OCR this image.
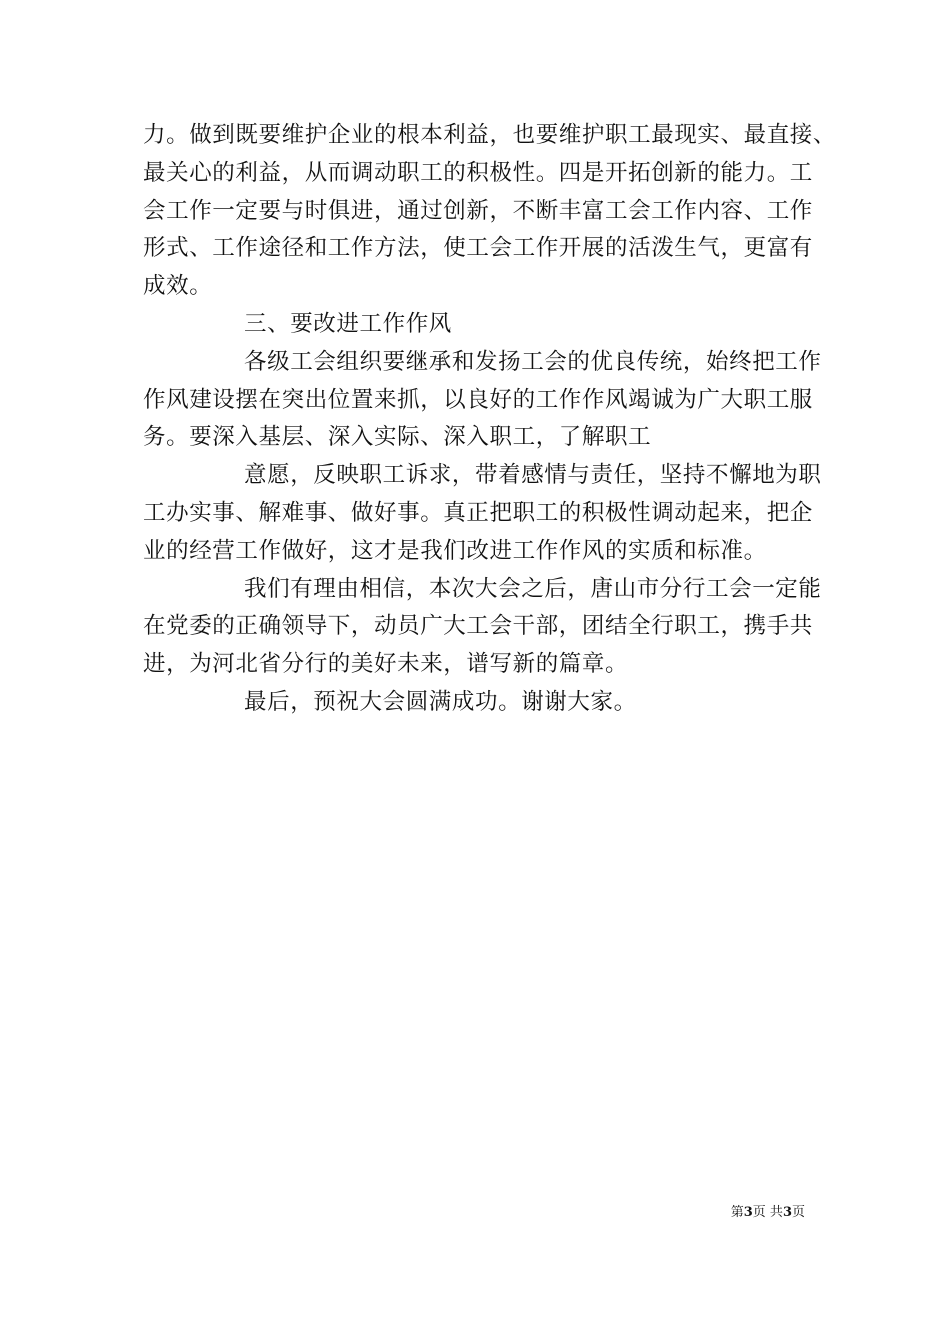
力。做到既要维护企业的根本利益，也要维护职工最现实、最直接、
最关心的利益，从而调动职工的积极性。四是开拓创新的能力。工
会工作一定要与时俱进，通过创新，不断丰富工会工作内容、工作
形式、工作途径和工作方法，使工会工作开展的活泼生气，更富有
成效。
三、要改进工作作风
各级工会组织要继承和发扬工会的优良传统，始终把工作
作风建设摆在突出位置来抓，以良好的工作作风竭诚为广大职工服
务。要深入基层、深入实际、深入职工，了解职工
意愿，反映职工诉求，带着感情与责任，坚持不懈地为职
工办实事、解难事、做好事。真正把职工的积极性调动起来，把企
业的经营工作做好，这才是我们改进工作作风的实质和标准。
我们有理由相信，本次大会之后，唐山市分行工会一定能
在党委的正确领导下，动员广大工会干部，团结全行职工，携手共
进，为河北省分行的美好未来，谱写新的篇章。
最后，预祝大会圆满成功。谢谢大家。
第3页 共3页
